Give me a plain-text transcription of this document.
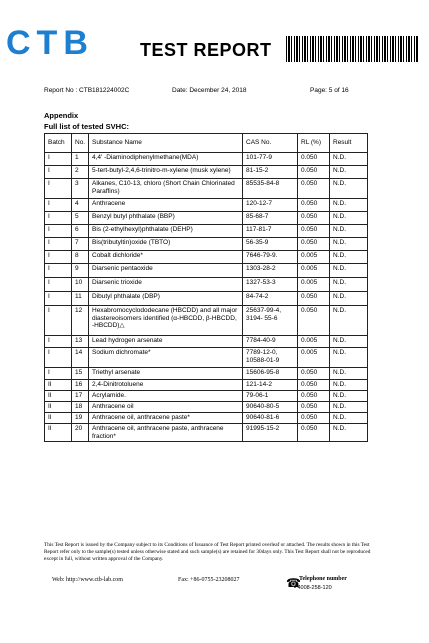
CTB	TEST REPORT
Report No : CTB181224002C	Date: December 24, 2018	Page: 5 of 16
Appendix
Full list of tested SVHC:
Batch	No.	Substance Name	CAS No.	RL (%)	Result
I	1	4,4' -Diaminodiphenylmethane(MDA)	101-77-9	0.050	N.D.
I	2	5-tert-butyl-2,4,6-trinitro-m-xylene (musk xylene)	81-15-2	0.050	N.D.
I	3	Alkanes, C10-13, chloro (Short Chain Chlorinated Paraffins)	85535-84-8	0.050	N.D.
I	4	Anthracene	120-12-7	0.050	N.D.
I	5	Benzyl butyl phthalate (BBP)	85-68-7	0.050	N.D.
I	6	Bis (2-ethylhexyl)phthalate (DEHP)	117-81-7	0.050	N.D.
I	7	Bis(tributyltin)oxide (TBTO)	56-35-9	0.050	N.D.
I	8	Cobalt dichloride*	7646-79-9.	0.005	N.D.
I	9	Diarsenic pentaoxide	1303-28-2	0.005	N.D.
I	10	Diarsenic trioxide	1327-53-3	0.005	N.D.
I	11	Dibutyl phthalate (DBP)	84-74-2	0.050	N.D.
I	12	Hexabromocyclododecane (HBCDD) and all major diastereoisomers identified (α-HBCDD, β-HBCDD, -HBCDD)△	25637-99-4, 3194- 55-6	0.050	N.D.
I	13	Lead hydrogen arsenate	7784-40-9	0.005	N.D.
I	14	Sodium dichromate*	7789-12-0, 10588-01-9	0.005	N.D.
I	15	Triethyl arsenate	15606-95-8	0.050	N.D.
II	16	2,4-Dinitrotoluene	121-14-2	0.050	N.D.
II	17	Acrylamide.	79-06-1	0.050	N.D.
II	18	Anthracene oil	90640-80-5	0.050	N.D.
II	19	Anthracene oil, anthracene paste*	90640-81-6	0.050	N.D.
II	20	Anthracene oil, anthracene paste, anthracene fraction*	91995-15-2	0.050	N.D.
This Test Report is issued by the Company subject to its Conditions of Issuance of Test Report printed overleaf or attached. The results shown in this Test Report refer only to the sample(s) tested unless otherwise stated and such sample(s) are retained for 30days only. This Test Report shall not be reproduced except in full, without written approval of the Company.
Web: http://www.ctb-lab.com	Fax: +86-0755-23208027	☎
Telephone number
• 4008-258-120
